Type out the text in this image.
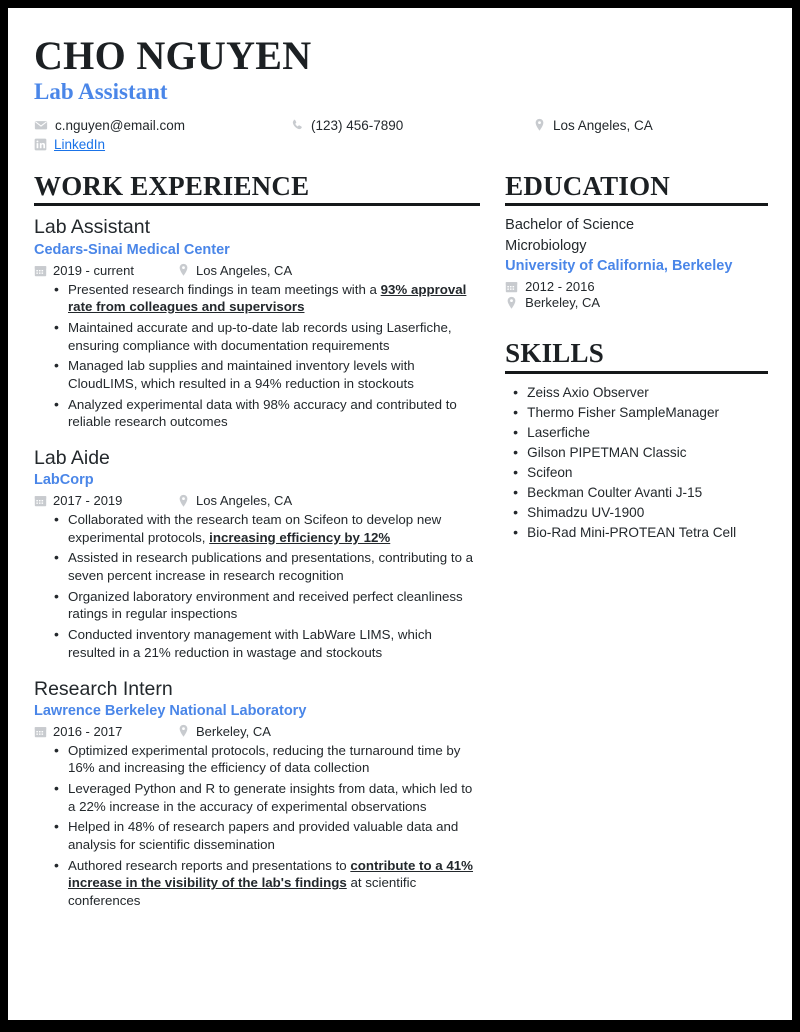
CHO NGUYEN
Lab Assistant
c.nguyen@email.com	(123) 456-7890	Los Angeles, CA
LinkedIn
WORK EXPERIENCE
Lab Assistant
Cedars-Sinai Medical Center
2019 - current	Los Angeles, CA
• Presented research findings in team meetings with a 93% approval rate from colleagues and supervisors
• Maintained accurate and up-to-date lab records using Laserfiche, ensuring compliance with documentation requirements
• Managed lab supplies and maintained inventory levels with CloudLIMS, which resulted in a 94% reduction in stockouts
• Analyzed experimental data with 98% accuracy and contributed to reliable research outcomes
Lab Aide
LabCorp
2017 - 2019	Los Angeles, CA
• Collaborated with the research team on Scifeon to develop new experimental protocols, increasing efficiency by 12%
• Assisted in research publications and presentations, contributing to a seven percent increase in research recognition
• Organized laboratory environment and received perfect cleanliness ratings in regular inspections
• Conducted inventory management with LabWare LIMS, which resulted in a 21% reduction in wastage and stockouts
Research Intern
Lawrence Berkeley National Laboratory
2016 - 2017	Berkeley, CA
• Optimized experimental protocols, reducing the turnaround time by 16% and increasing the efficiency of data collection
• Leveraged Python and R to generate insights from data, which led to a 22% increase in the accuracy of experimental observations
• Helped in 48% of research papers and provided valuable data and analysis for scientific dissemination
• Authored research reports and presentations to contribute to a 41% increase in the visibility of the lab's findings at scientific conferences
EDUCATION
Bachelor of Science
Microbiology
University of California, Berkeley
2012 - 2016
Berkeley, CA
SKILLS
• Zeiss Axio Observer
• Thermo Fisher SampleManager
• Laserfiche
• Gilson PIPETMAN Classic
• Scifeon
• Beckman Coulter Avanti J-15
• Shimadzu UV-1900
• Bio-Rad Mini-PROTEAN Tetra Cell
